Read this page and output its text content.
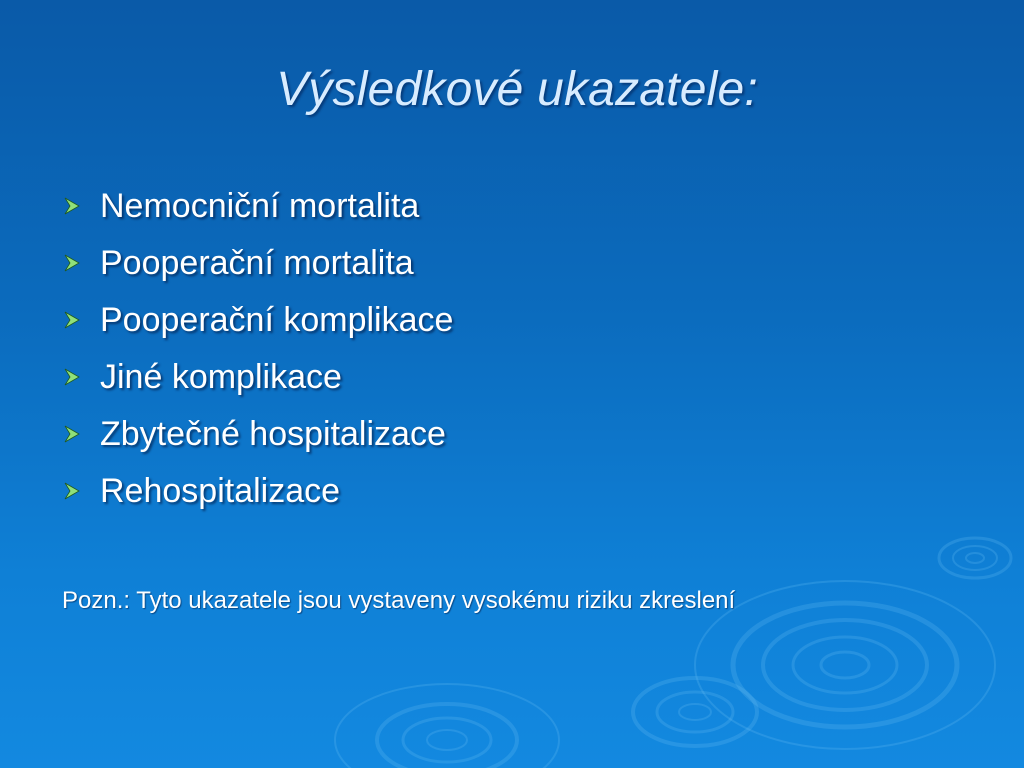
Výsledkové ukazatele:
Nemocniční mortalita
Pooperační mortalita
Pooperační komplikace
Jiné komplikace
Zbytečné hospitalizace
Rehospitalizace
Pozn.: Tyto ukazatele jsou vystaveny vysokému riziku zkreslení
